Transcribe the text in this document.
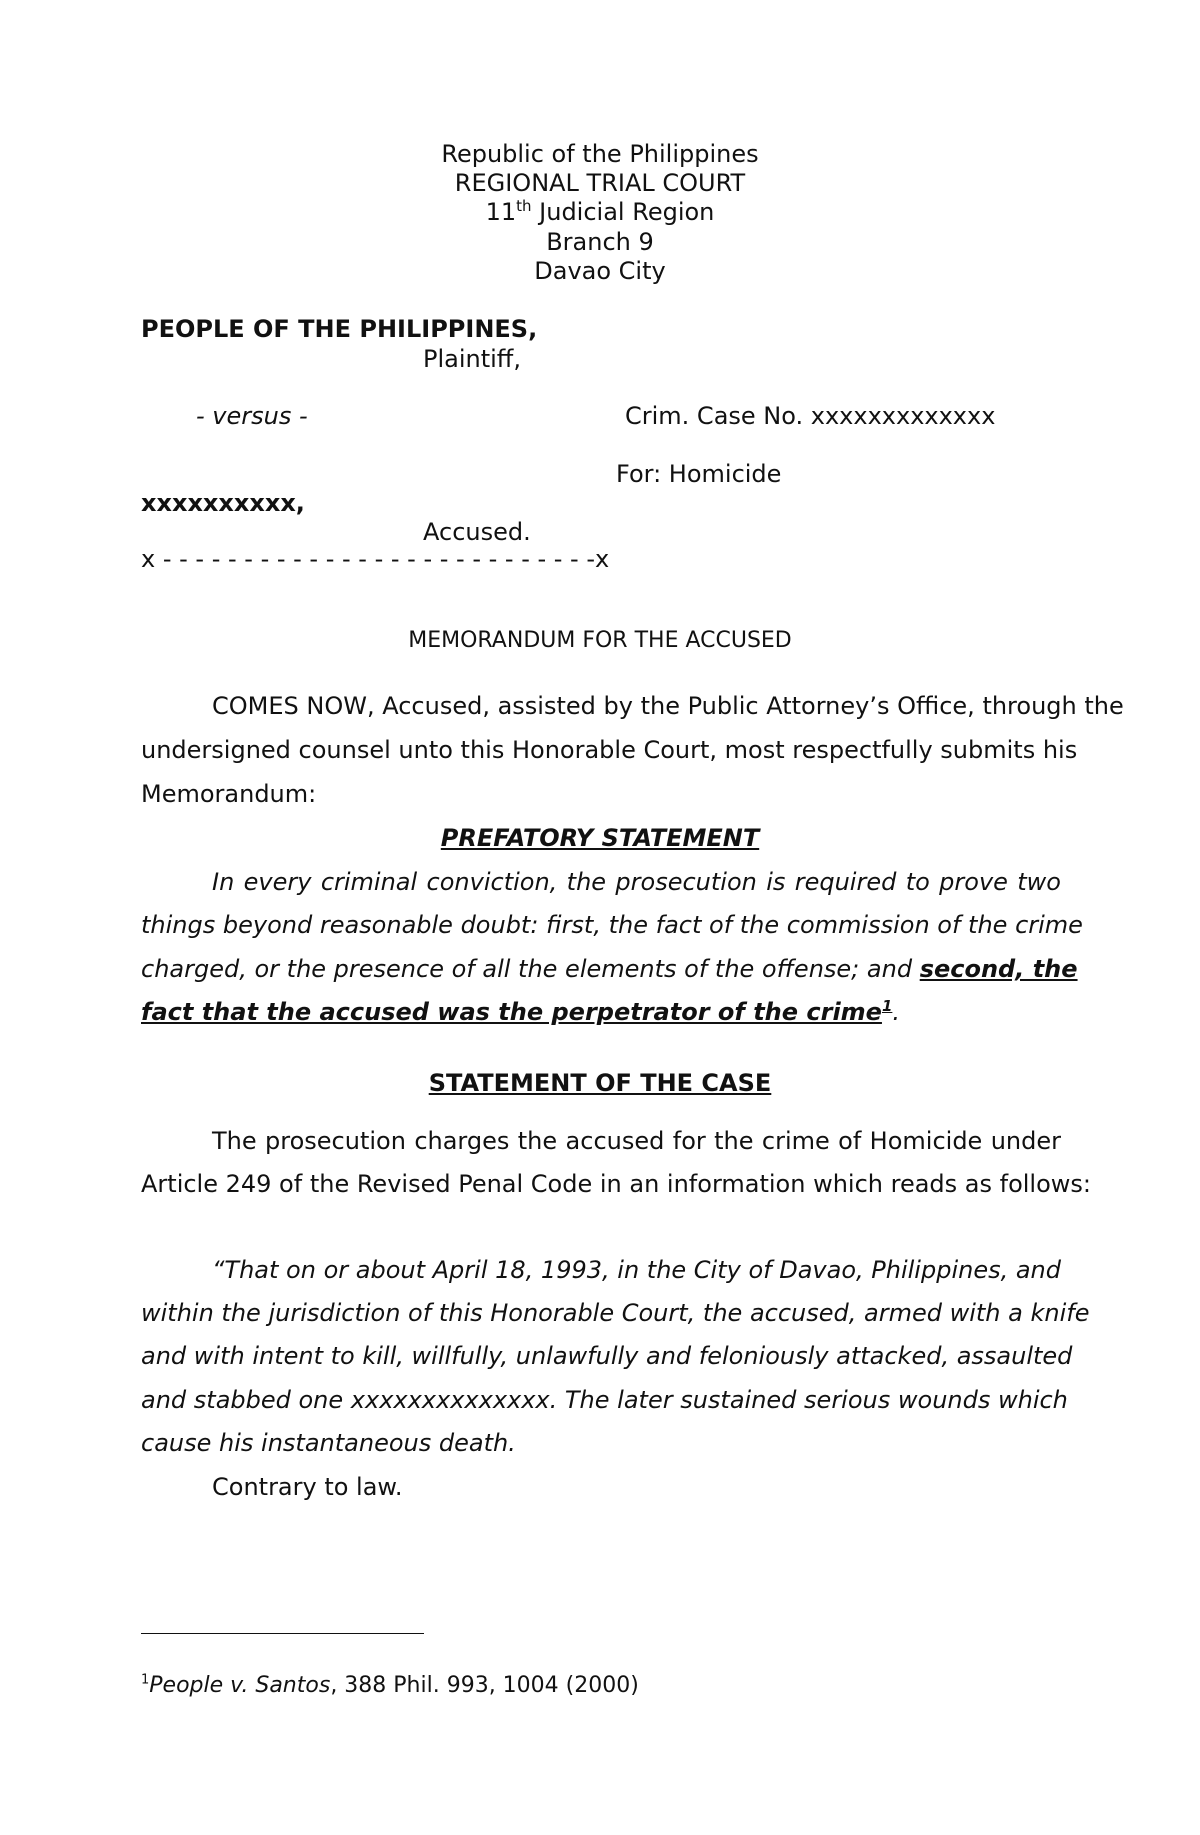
Republic of the Philippines
REGIONAL TRIAL COURT
11th Judicial Region
Branch 9
Davao City
PEOPLE OF THE PHILIPPINES,
Plaintiff,
- versus -	Crim. Case No. xxxxxxxxxxxxx
For: Homicide
xxxxxxxxxx,
Accused.
x - - - - - - - - - - - - - - - - - - - - - - - - - - -x
MEMORANDUM FOR THE ACCUSED
COMES NOW, Accused, assisted by the Public Attorney’s Office, through the
undersigned counsel unto this Honorable Court, most respectfully submits his
Memorandum:
PREFATORY STATEMENT
In every criminal conviction, the prosecution is required to prove two
things beyond reasonable doubt: first, the fact of the commission of the crime
charged, or the presence of all the elements of the offense; and second, the
fact that the accused was the perpetrator of the crime$^1$.
STATEMENT OF THE CASE
The prosecution charges the accused for the crime of Homicide under
Article 249 of the Revised Penal Code in an information which reads as follows:
“That on or about April 18, 1993, in the City of Davao, Philippines, and
within the jurisdiction of this Honorable Court, the accused, armed with a knife
and with intent to kill, willfully, unlawfully and feloniously attacked, assaulted
and stabbed one xxxxxxxxxxxxxx. The later sustained serious wounds which
cause his instantaneous death.
Contrary to law.
$^1$People v. Santos, 388 Phil. 993, 1004 (2000)
